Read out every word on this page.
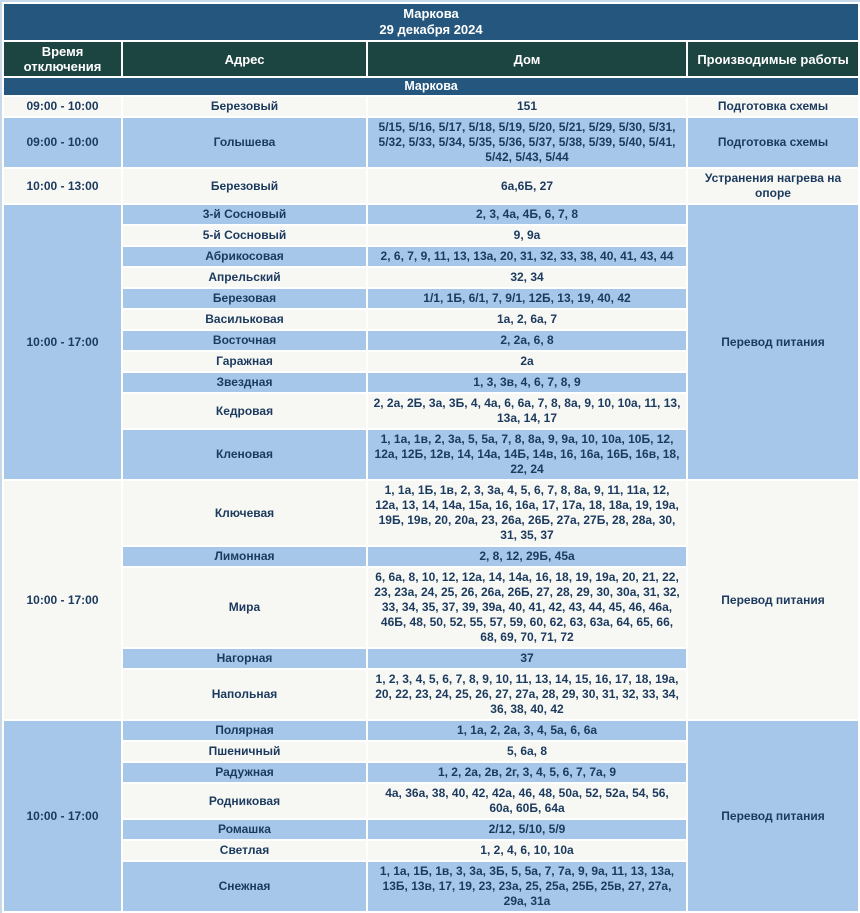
Маркова
29 декабря 2024			

Время отключения	Адрес	Дом	Производимые работы
Маркова			
09:00 - 10:00	Березовый	151	Подготовка схемы
09:00 - 10:00	Голышева	5/15, 5/16, 5/17, 5/18, 5/19, 5/20, 5/21, 5/29, 5/30, 5/31, 5/32, 5/33, 5/34, 5/35, 5/36, 5/37, 5/38, 5/39, 5/40, 5/41, 5/42, 5/43, 5/44	Подготовка схемы
10:00 - 13:00	Березовый	6а,6Б, 27	Устранения нагрева на опоре
10:00 - 17:00	3-й Сосновый	2, 3, 4а, 4Б, 6, 7, 8	Перевод питания
	5-й Сосновый	9, 9а	
	Абрикосовая	2, 6, 7, 9, 11, 13, 13а, 20, 31, 32, 33, 38, 40, 41, 43, 44	
	Апрельский	32, 34	
	Березовая	1/1, 1Б, 6/1, 7, 9/1, 12Б, 13, 19, 40, 42	
	Васильковая	1а, 2, 6а, 7	
	Восточная	2, 2а, 6, 8	
	Гаражная	2а	
	Звездная	1, 3, 3в, 4, 6, 7, 8, 9	
	Кедровая	2, 2а, 2Б, 3а, 3Б, 4, 4а, 6, 6а, 7, 8, 8а, 9, 10, 10а, 11, 13, 13а, 14, 17	
	Кленовая	1, 1а, 1в, 2, 3а, 5, 5а, 7, 8, 8а, 9, 9а, 10, 10а, 10Б, 12, 12а, 12Б, 12в, 14, 14а, 14Б, 14в, 16, 16а, 16Б, 16в, 18, 22, 24	
10:00 - 17:00	Ключевая	1, 1а, 1Б, 1в, 2, 3, 3а, 4, 5, 6, 7, 8, 8а, 9, 11, 11а, 12, 12а, 13, 14, 14а, 15а, 16, 16а, 17, 17а, 18, 18а, 19, 19а, 19Б, 19в, 20, 20а, 23, 26а, 26Б, 27а, 27Б, 28, 28а, 30, 31, 35, 37	Перевод питания
	Лимонная	2, 8, 12, 29Б, 45а	
	Мира	6, 6а, 8, 10, 12, 12а, 14, 14а, 16, 18, 19, 19а, 20, 21, 22, 23, 23а, 24, 25, 26, 26а, 26Б, 27, 28, 29, 30, 30а, 31, 32, 33, 34, 35, 37, 39, 39а, 40, 41, 42, 43, 44, 45, 46, 46а, 46Б, 48, 50, 52, 55, 57, 59, 60, 62, 63, 63а, 64, 65, 66, 68, 69, 70, 71, 72	
	Нагорная	37	
	Напольная	1, 2, 3, 4, 5, 6, 7, 8, 9, 10, 11, 13, 14, 15, 16, 17, 18, 19а, 20, 22, 23, 24, 25, 26, 27, 27а, 28, 29, 30, 31, 32, 33, 34, 36, 38, 40, 42	
10:00 - 17:00	Полярная	1, 1а, 2, 2а, 3, 4, 5а, 6, 6а	Перевод питания
	Пшеничный	5, 6а, 8	
	Радужная	1, 2, 2а, 2в, 2г, 3, 4, 5, 6, 7, 7а, 9	
	Родниковая	4а, 36а, 38, 40, 42, 42а, 46, 48, 50а, 52, 52а, 54, 56, 60а, 60Б, 64а	
	Ромашка	2/12, 5/10, 5/9	
	Светлая	1, 2, 4, 6, 10, 10а	
	Снежная	1, 1а, 1Б, 1в, 3, 3а, 3Б, 5, 5а, 7, 7а, 9, 9а, 11, 13, 13а, 13Б, 13в, 17, 19, 23, 23а, 25, 25а, 25Б, 25в, 27, 27а, 29а, 31а	
